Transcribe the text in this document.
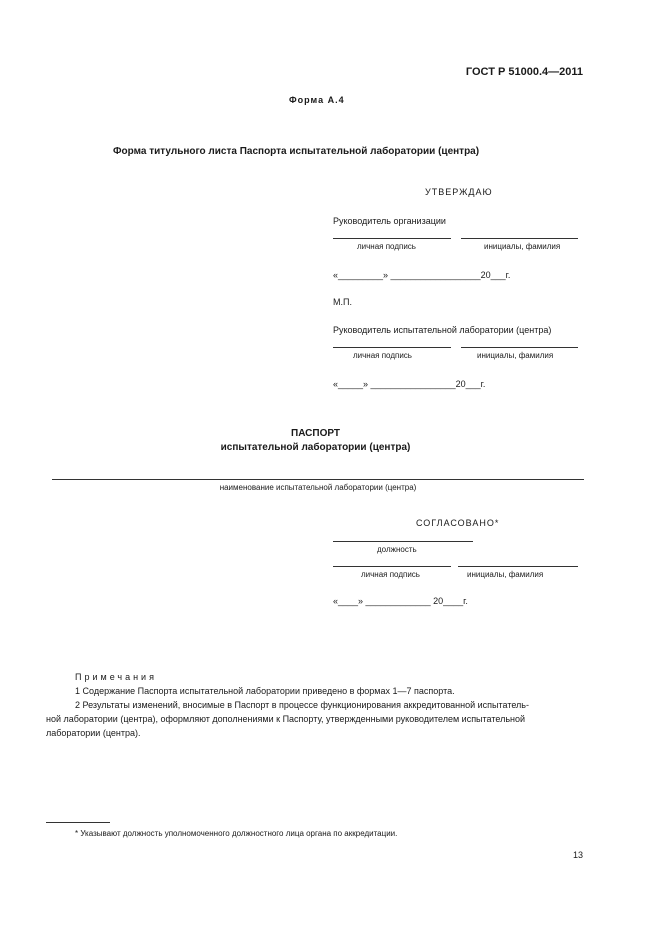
ГОСТ Р 51000.4—2011
Форма А.4
Форма титульного листа Паспорта испытательной лаборатории (центра)
УТВЕРЖДАЮ
Руководитель организации
личная подпись	инициалы, фамилия
«_________» __________________20___г.
М.П.
Руководитель испытательной лаборатории (центра)
личная подпись	инициалы, фамилия
«_____» _________________20___г.
ПАСПОРТ
испытательной лаборатории (центра)
наименование испытательной лаборатории (центра)
СОГЛАСОВАНО*
должность
личная подпись	инициалы, фамилия
«____» _____________ 20____г.
Примечания
1 Содержание Паспорта испытательной лаборатории приведено в формах 1—7 паспорта.
2 Результаты изменений, вносимые в Паспорт в процессе функционирования аккредитованной испытатель-
ной лаборатории (центра), оформляют дополнениями к Паспорту, утвержденными руководителем испытательной
лаборатории (центра).
* Указывают должность уполномоченного должностного лица органа по аккредитации.
13
